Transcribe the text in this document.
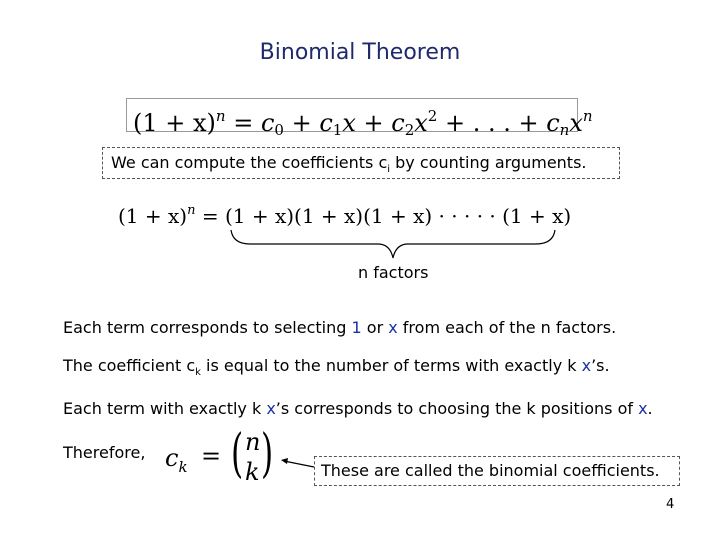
Binomial Theorem
$(1 + x)^n = c_0 + c_1x + c_2x^2$ + . . . + $c_nx^n$
We can compute the coefficients $c_i$ by counting arguments.
$(1 + x)^n = (1 + x)(1 + x)(1 + x)$ · · · · · (1 + x)
n factors
Each term corresponds to selecting 1 or x from each of the n factors.
The coefficient $c_k$ is equal to the number of terms with exactly k x’s.
Each term with exactly k x’s corresponds to choosing the k positions of x.
Therefore, $c_k$ = ( n
k )	These are called the binomial coefficients.
4
